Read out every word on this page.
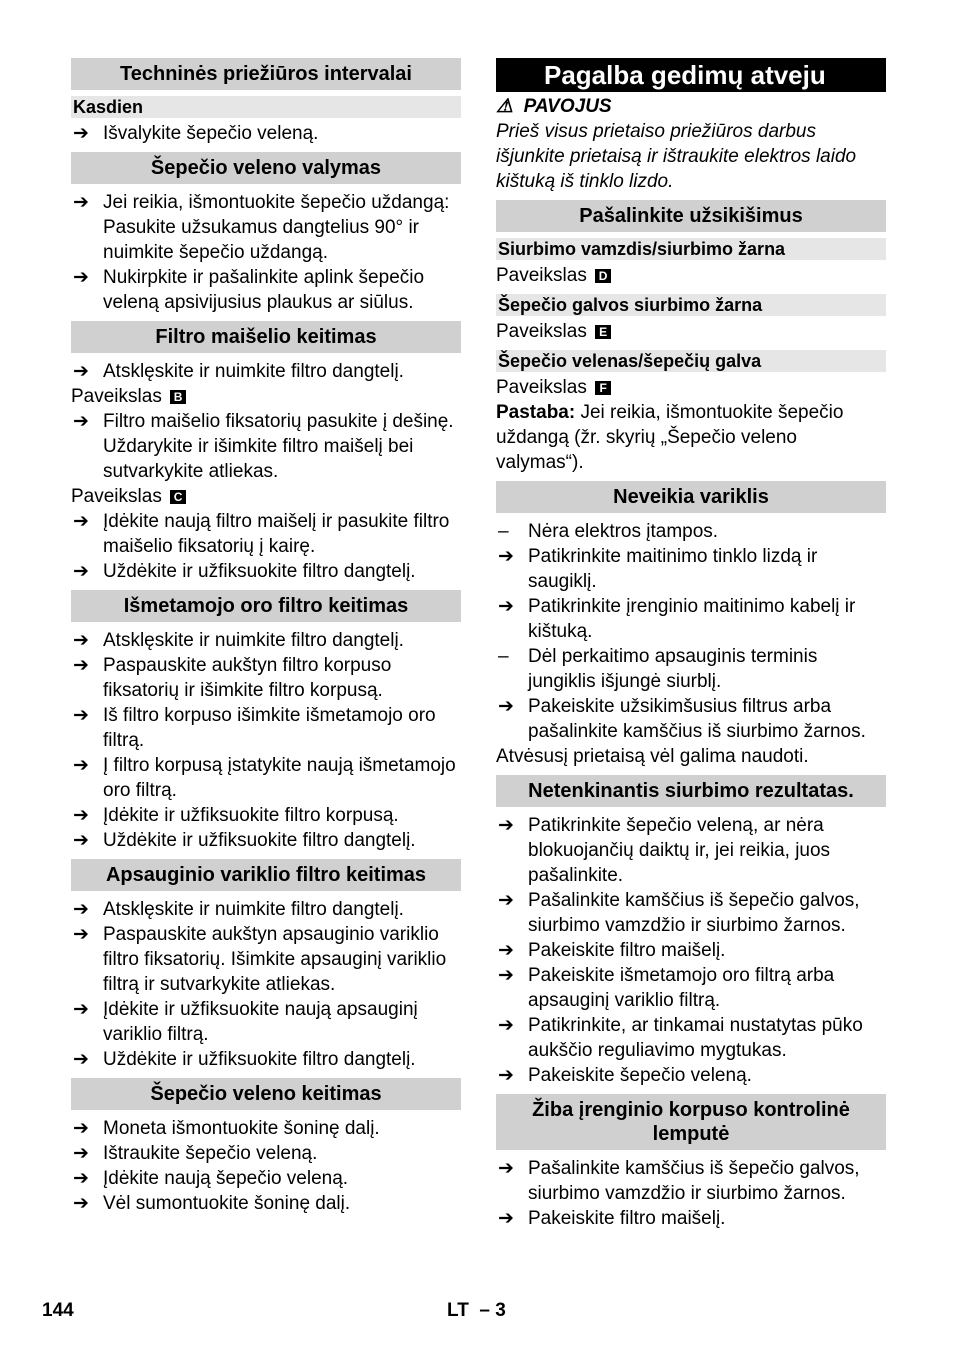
Techninės priežiūros intervalai
Kasdien
➔ Išvalykite šepečio veleną.
Šepečio veleno valymas
➔ Jei reikia, išmontuokite šepečio uždangą: Pasukite užsukamus dangtelius 90° ir nuimkite šepečio uždangą.
➔ Nukirpkite ir pašalinkite aplink šepečio veleną apsivijusius plaukus ar siūlus.
Filtro maišelio keitimas
➔ Atsklęskite ir nuimkite filtro dangtelį.
Paveikslas B
➔ Filtro maišelio fiksatorių pasukite į dešinę. Uždarykite ir išimkite filtro maišelį bei sutvarkykite atliekas.
Paveikslas C
➔ Įdėkite naują filtro maišelį ir pasukite filtro maišelio fiksatorių į kairę.
➔ Uždėkite ir užfiksuokite filtro dangtelį.
Išmetamojo oro filtro keitimas
➔ Atsklęskite ir nuimkite filtro dangtelį.
➔ Paspauskite aukštyn filtro korpuso fiksatorių ir išimkite filtro korpusą.
➔ Iš filtro korpuso išimkite išmetamojo oro filtrą.
➔ Į filtro korpusą įstatykite naują išmetamojo oro filtrą.
➔ Įdėkite ir užfiksuokite filtro korpusą.
➔ Uždėkite ir užfiksuokite filtro dangtelį.
Apsauginio variklio filtro keitimas
➔ Atsklęskite ir nuimkite filtro dangtelį.
➔ Paspauskite aukštyn apsauginio variklio filtro fiksatorių. Išimkite apsauginį variklio filtrą ir sutvarkykite atliekas.
➔ Įdėkite ir užfiksuokite naują apsauginį variklio filtrą.
➔ Uždėkite ir užfiksuokite filtro dangtelį.
Šepečio veleno keitimas
➔ Moneta išmontuokite šoninę dalį.
➔ Ištraukite šepečio veleną.
➔ Įdėkite naują šepečio veleną.
➔ Vėl sumontuokite šoninę dalį.
Pagalba gedimų atveju
⚠ PAVOJUS
Prieš visus prietaiso priežiūros darbus išjunkite prietaisą ir ištraukite elektros laido kištuką iš tinklo lizdo.
Pašalinkite užsikišimus
Siurbimo vamzdis/siurbimo žarna
Paveikslas D
Šepečio galvos siurbimo žarna
Paveikslas E
Šepečio velenas/šepečių galva
Paveikslas F
Pastaba: Jei reikia, išmontuokite šepečio uždangą (žr. skyrių „Šepečio veleno valymas“).
Neveikia variklis
–	Nėra elektros įtampos.
➔ Patikrinkite maitinimo tinklo lizdą ir saugiklį.
➔ Patikrinkite įrenginio maitinimo kabelį ir kištuką.
–	Dėl perkaitimo apsauginis terminis jungiklis išjungė siurblį.
➔ Pakeiskite užsikimšusius filtrus arba pašalinkite kamščius iš siurbimo žarnos.
Atvėsusį prietaisą vėl galima naudoti.
Netenkinantis siurbimo rezultatas.
➔ Patikrinkite šepečio veleną, ar nėra blokuojančių daiktų ir, jei reikia, juos pašalinkite.
➔ Pašalinkite kamščius iš šepečio galvos, siurbimo vamzdžio ir siurbimo žarnos.
➔ Pakeiskite filtro maišelį.
➔ Pakeiskite išmetamojo oro filtrą arba apsauginį variklio filtrą.
➔ Patikrinkite, ar tinkamai nustatytas pūko aukščio reguliavimo mygtukas.
➔ Pakeiskite šepečio veleną.
Žiba įrenginio korpuso kontrolinė lemputė
➔ Pašalinkite kamščius iš šepečio galvos, siurbimo vamzdžio ir siurbimo žarnos.
➔ Pakeiskite filtro maišelį.
144	LT – 3
